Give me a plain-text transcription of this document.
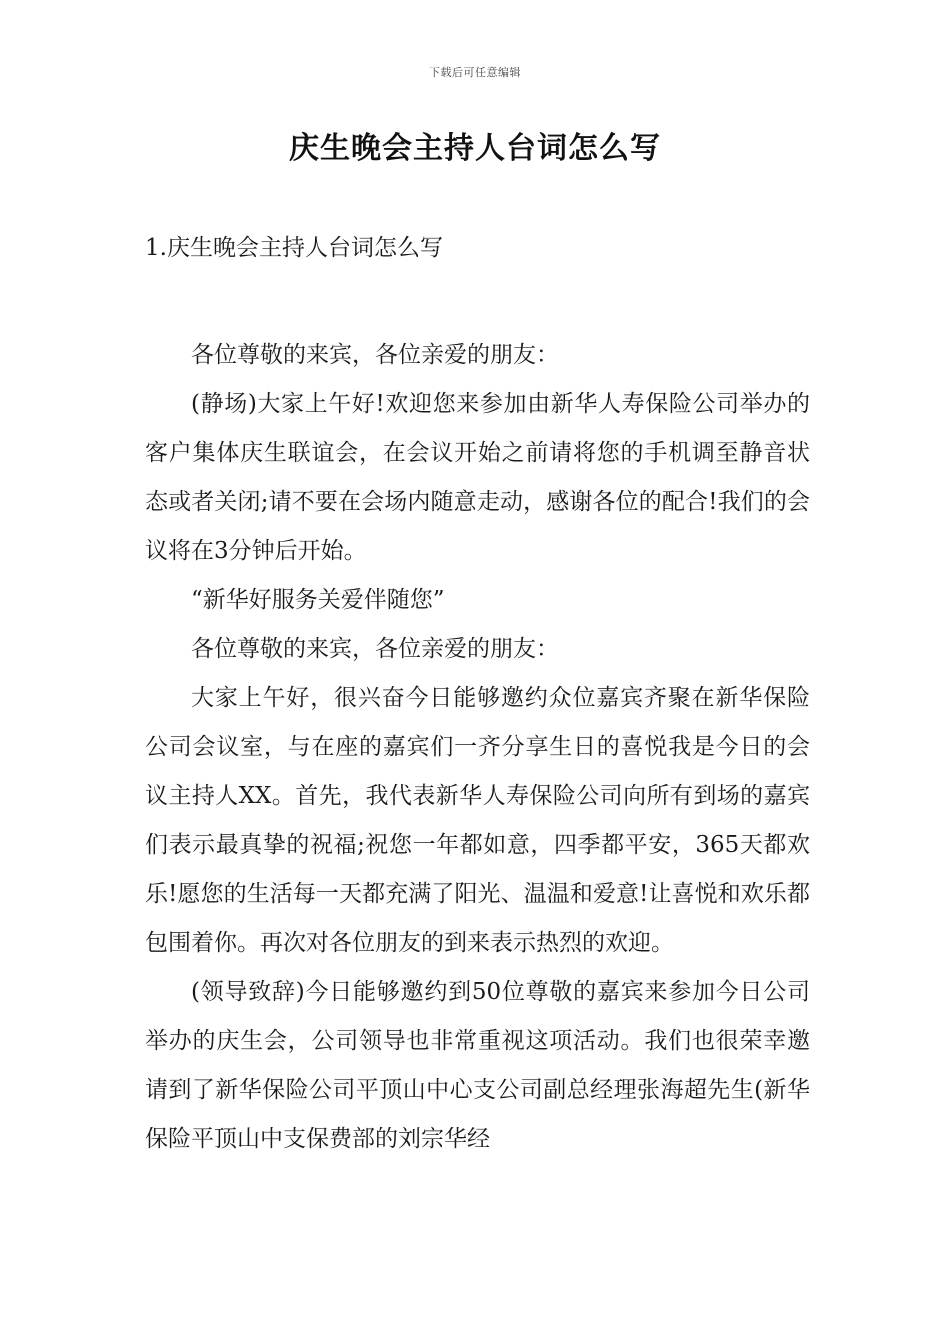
下载后可任意编辑
庆生晚会主持人台词怎么写
1.庆生晚会主持人台词怎么写

各位尊敬的来宾，各位亲爱的朋友：

(静场)大家上午好!欢迎您来参加由新华人寿保险公司举办的客户集体庆生联谊会，在会议开始之前请将您的手机调至静音状态或者关闭;请不要在会场内随意走动，感谢各位的配合!我们的会议将在3分钟后开始。

“新华好服务关爱伴随您”

各位尊敬的来宾，各位亲爱的朋友：

大家上午好，很兴奋今日能够邀约众位嘉宾齐聚在新华保险公司会议室，与在座的嘉宾们一齐分享生日的喜悦我是今日的会议主持人XX。首先，我代表新华人寿保险公司向所有到场的嘉宾们表示最真挚的祝福;祝您一年都如意，四季都平安，365天都欢乐!愿您的生活每一天都充满了阳光、温温和爱意!让喜悦和欢乐都包围着你。再次对各位朋友的到来表示热烈的欢迎。

(领导致辞)今日能够邀约到50位尊敬的嘉宾来参加今日公司举办的庆生会，公司领导也非常重视这项活动。我们也很荣幸邀请到了新华保险公司平顶山中心支公司副总经理张海超先生(新华保险平顶山中支保费部的刘宗华经
